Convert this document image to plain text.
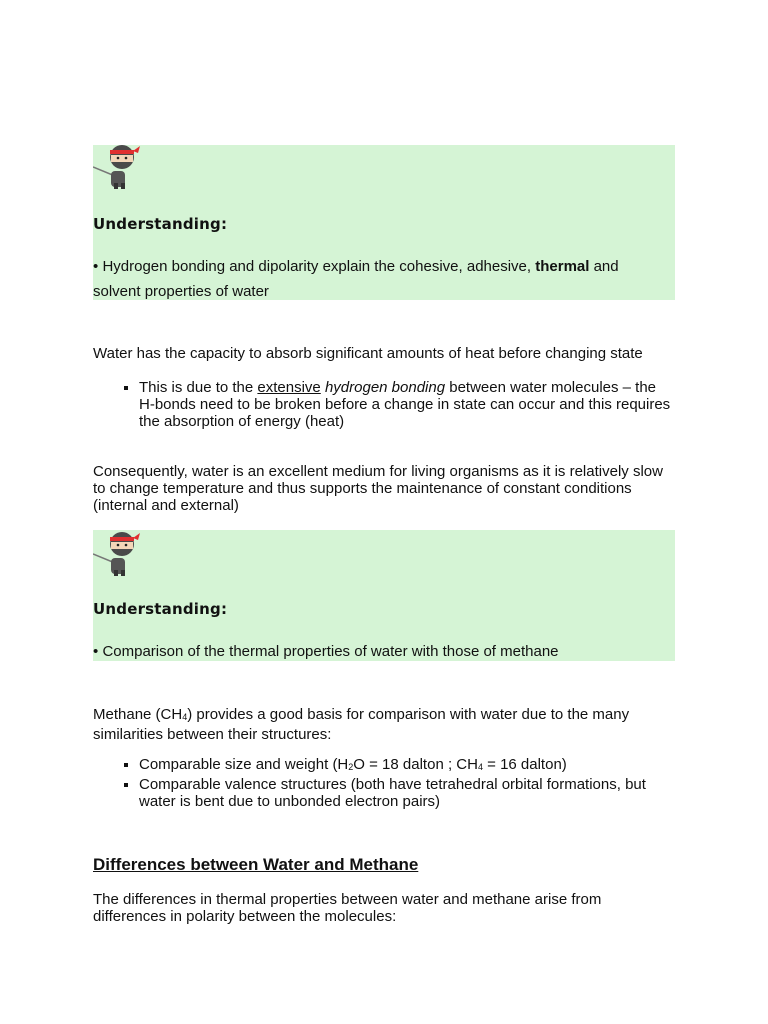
Understanding:
• Hydrogen bonding and dipolarity explain the cohesive, adhesive, thermal and
solvent properties of water
Water has the capacity to absorb significant amounts of heat before changing state
▪ This is due to the extensive hydrogen bonding between water molecules – the H-bonds need to be broken before a change in state can occur and this requires the absorption of energy (heat)
Consequently, water is an excellent medium for living organisms as it is relatively slow to change temperature and thus supports the maintenance of constant conditions (internal and external)
Understanding:
• Comparison of the thermal properties of water with those of methane
Methane $(CH_4)$ provides a good basis for comparison with water due to the many similarities between their structures:
▪ Comparable size and weight ($H_2O = 18$ dalton ; $CH_4 = 16$ dalton)
▪ Comparable valence structures (both have tetrahedral orbital formations, but water is bent due to unbonded electron pairs)
Differences between Water and Methane
The differences in thermal properties between water and methane arise from differences in polarity between the molecules:
